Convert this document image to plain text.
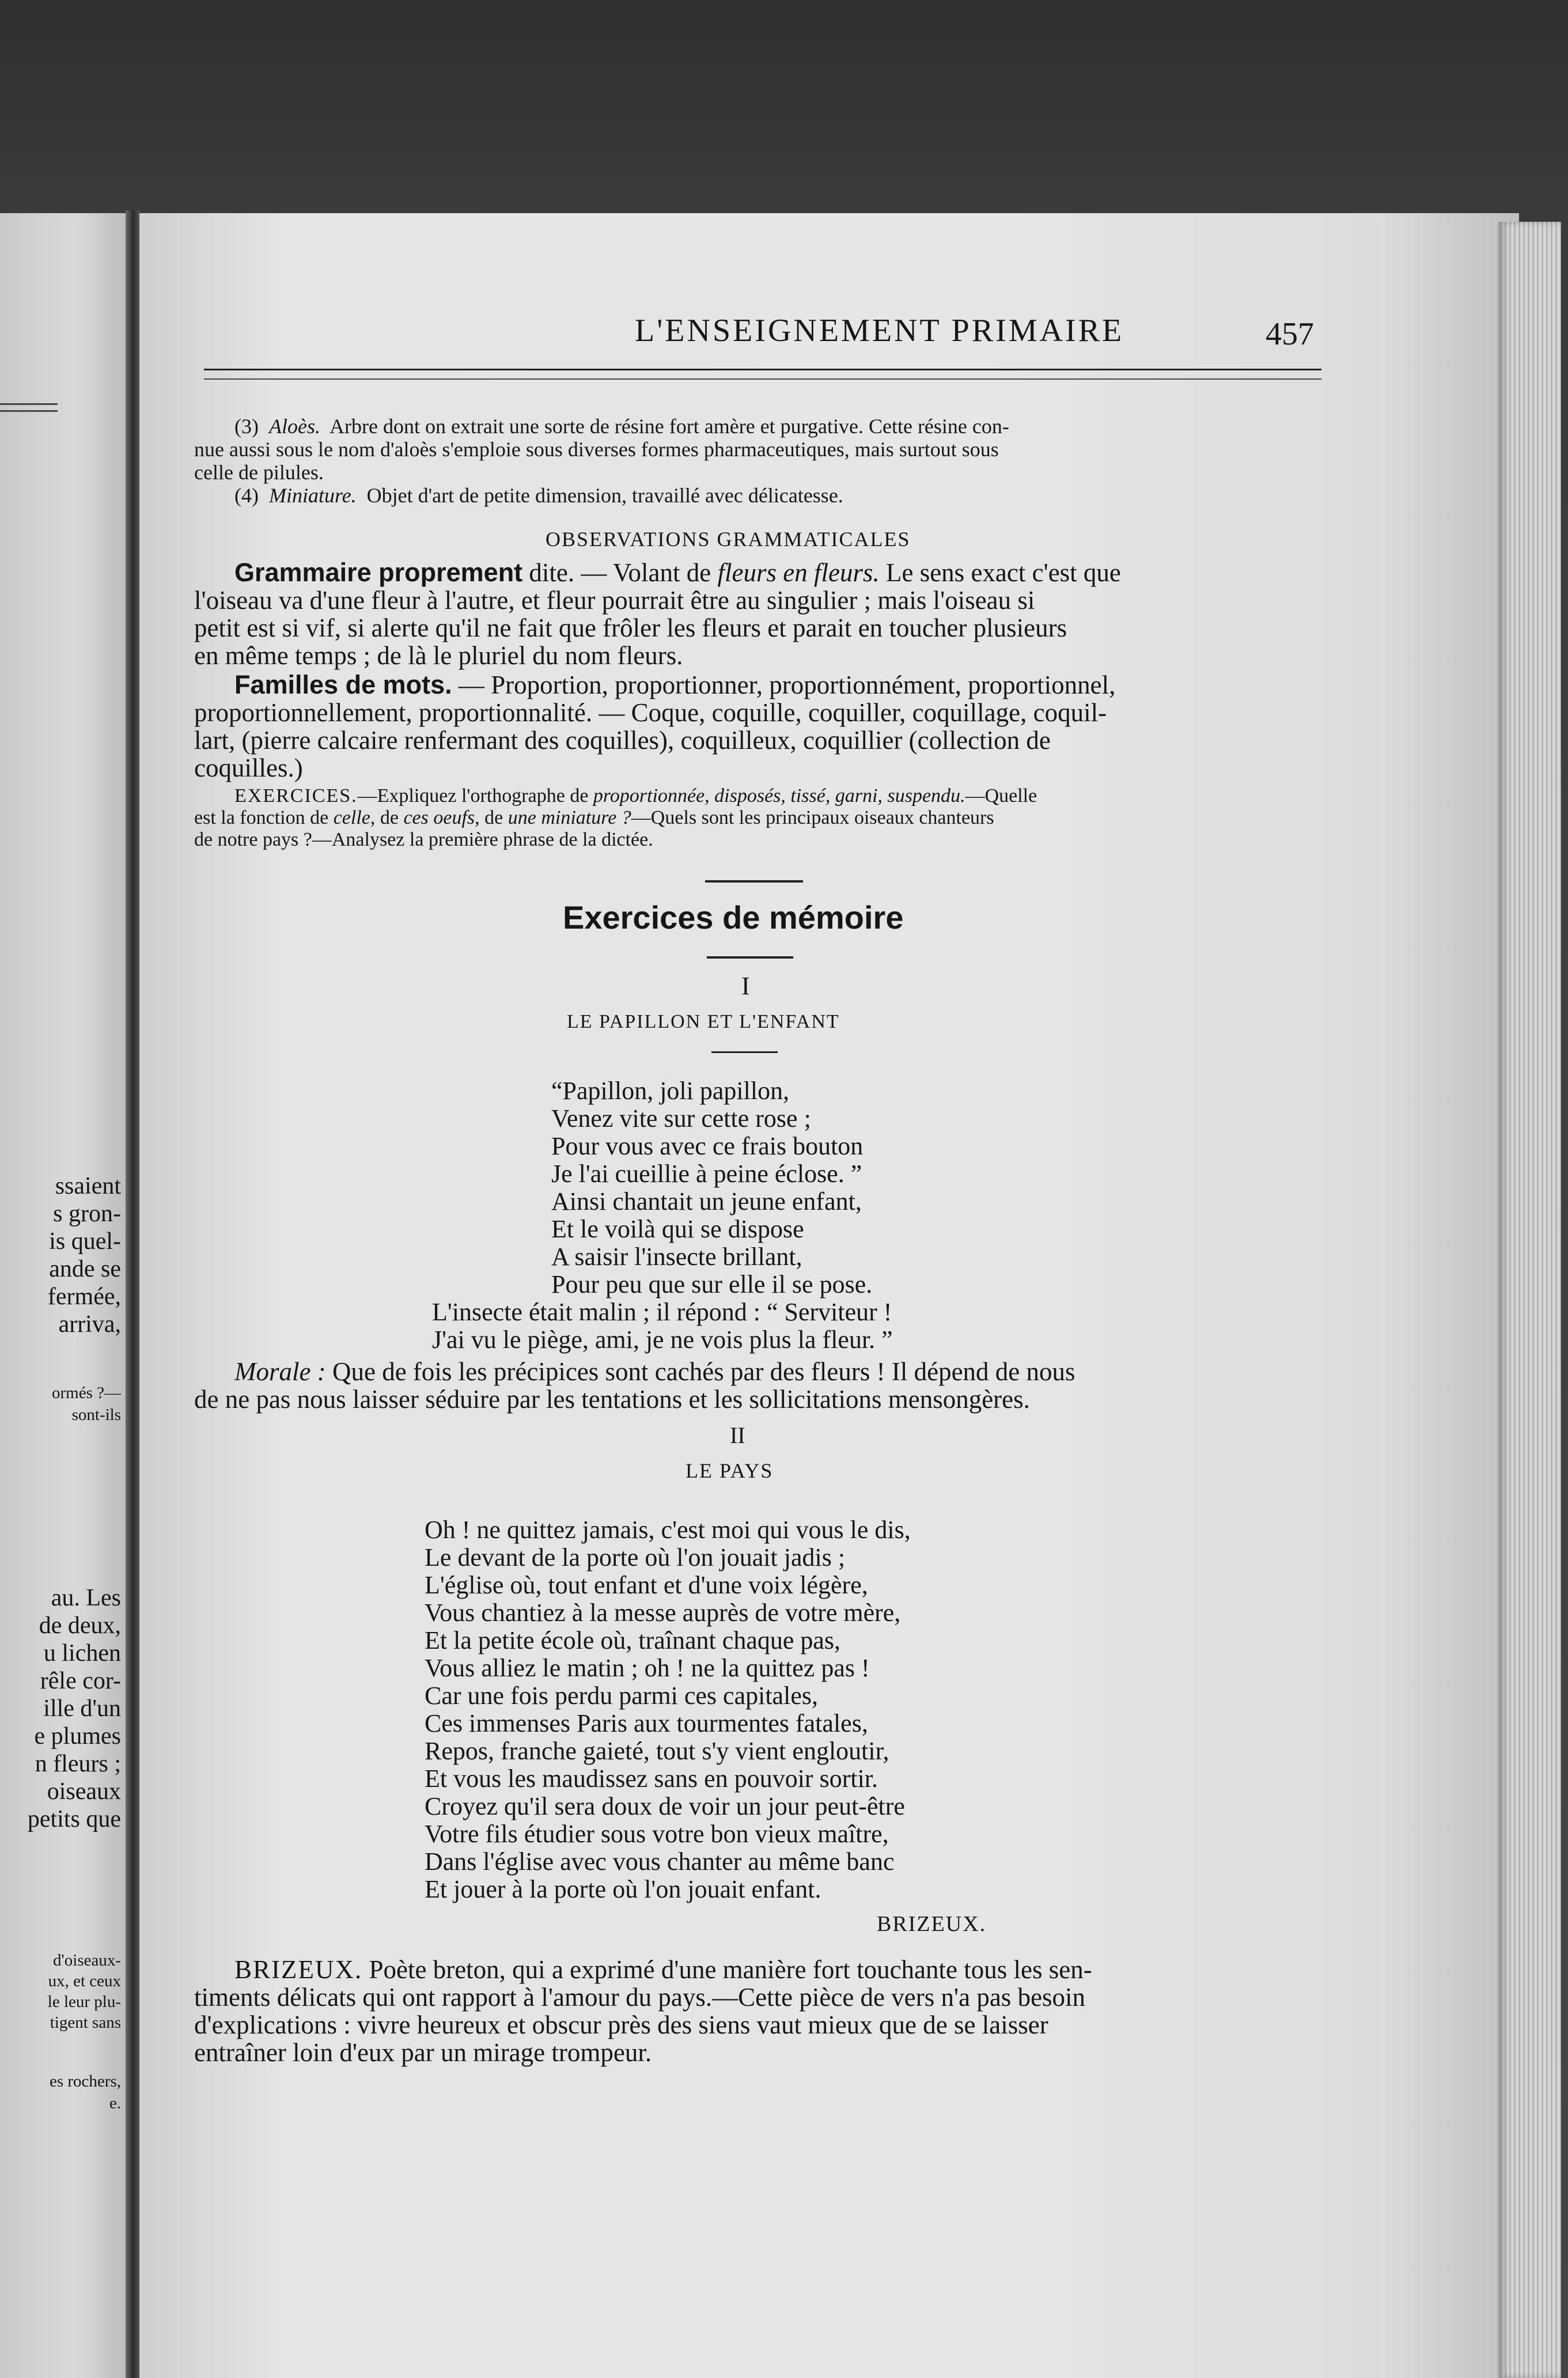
ssaient
s gron-
is quel-
ande se
fermée,
arriva,
ormés ?—
sont-ils
au. Les
de deux,
u lichen
rêle cor-
ille d'un
e plumes
n fleurs ;
oiseaux
petits que
d'oiseaux-
ux, et ceux
le leur plu-
tigent sans
es rochers,
e.
L'ENSEIGNEMENT PRIMAIRE	457
(3) Aloès. Arbre dont on extrait une sorte de résine fort amère et purgative. Cette résine con-
nue aussi sous le nom d'aloès s'emploie sous diverses formes pharmaceutiques, mais surtout sous
celle de pilules.
(4) Miniature. Objet d'art de petite dimension, travaillé avec délicatesse.
OBSERVATIONS GRAMMATICALES
Grammaire proprement dite. — Volant de fleurs en fleurs. Le sens exact c'est que
l'oiseau va d'une fleur à l'autre, et fleur pourrait être au singulier ; mais l'oiseau si
petit est si vif, si alerte qu'il ne fait que frôler les fleurs et parait en toucher plusieurs
en même temps ; de là le pluriel du nom fleurs.
Familles de mots. — Proportion, proportionner, proportionnément, proportionnel,
proportionnellement, proportionnalité. — Coque, coquille, coquiller, coquillage, coquil-
lart, (pierre calcaire renfermant des coquilles), coquilleux, coquillier (collection de
coquilles.)
EXERCICES.—Expliquez l'orthographe de proportionnée, disposés, tissé, garni, suspendu.—Quelle
est la fonction de celle, de ces oeufs, de une miniature ?—Quels sont les principaux oiseaux chanteurs
de notre pays ?—Analysez la première phrase de la dictée.
Exercices de mémoire
I
LE PAPILLON ET L'ENFANT
“Papillon, joli papillon,
Venez vite sur cette rose ;
Pour vous avec ce frais bouton
Je l'ai cueillie à peine éclose. ”
Ainsi chantait un jeune enfant,
Et le voilà qui se dispose
A saisir l'insecte brillant,
Pour peu que sur elle il se pose.
L'insecte était malin ; il répond : “ Serviteur !
J'ai vu le piège, ami, je ne vois plus la fleur. ”
Morale : Que de fois les précipices sont cachés par des fleurs ! Il dépend de nous
de ne pas nous laisser séduire par les tentations et les sollicitations mensongères.
II
LE PAYS
Oh ! ne quittez jamais, c'est moi qui vous le dis,
Le devant de la porte où l'on jouait jadis ;
L'église où, tout enfant et d'une voix légère,
Vous chantiez à la messe auprès de votre mère,
Et la petite école où, traînant chaque pas,
Vous alliez le matin ; oh ! ne la quittez pas !
Car une fois perdu parmi ces capitales,
Ces immenses Paris aux tourmentes fatales,
Repos, franche gaieté, tout s'y vient engloutir,
Et vous les maudissez sans en pouvoir sortir.
Croyez qu'il sera doux de voir un jour peut-être
Votre fils étudier sous votre bon vieux maître,
Dans l'église avec vous chanter au même banc
Et jouer à la porte où l'on jouait enfant.
BRIZEUX.
BRIZEUX. Poète breton, qui a exprimé d'une manière fort touchante tous les sen-
timents délicats qui ont rapport à l'amour du pays.—Cette pièce de vers n'a pas besoin
d'explications : vivre heureux et obscur près des siens vaut mieux que de se laisser
entraîner loin d'eux par un mirage trompeur.
